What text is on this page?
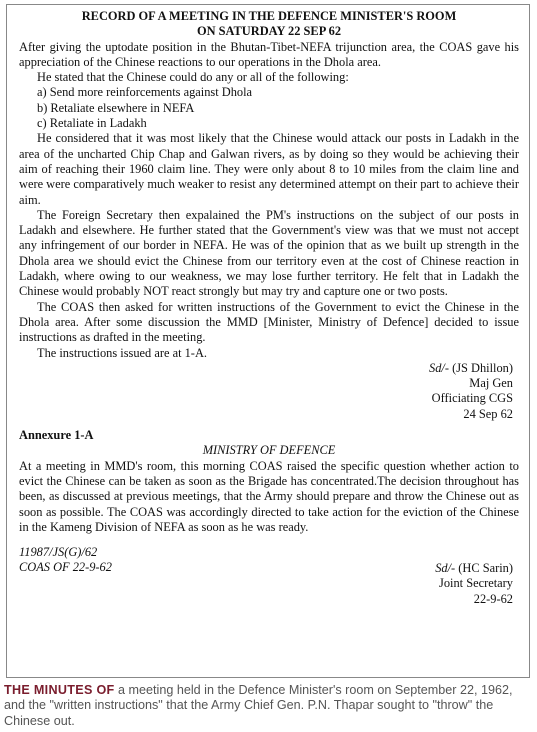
RECORD OF A MEETING IN THE DEFENCE MINISTER'S ROOM

ON SATURDAY 22 SEP 62

After giving the uptodate position in the Bhutan-Tibet-NEFA trijunction area, the COAS gave his appreciation of the Chinese reactions to our operations in the Dhola area.

He stated that the Chinese could do any or all of the following:

a) Send more reinforcements against Dhola

b) Retaliate elsewhere in NEFA

c) Retaliate in Ladakh

He considered that it was most likely that the Chinese would attack our posts in Ladakh in the area of the uncharted Chip Chap and Galwan rivers, as by doing so they would be achieving their aim of reaching their 1960 claim line. They were only about 8 to 10 miles from the claim line and were were comparatively much weaker to resist any determined attempt on their part to achieve their aim.

The Foreign Secretary then expalained the PM's instructions on the subject of our posts in Ladakh and elsewhere. He further stated that the Government's view was that we must not accept any infringement of our border in NEFA. He was of the opinion that as we built up strength in the Dhola area we should evict the Chinese from our territory even at the cost of Chinese reaction in Ladakh, where owing to our weakness, we may lose further territory. He felt that in Ladakh the Chinese would probably NOT react strongly but may try and capture one or two posts.

The COAS then asked for written instructions of the Government to evict the Chinese in the Dhola area. After some discussion the MMD [Minister, Ministry of Defence] decided to issue instructions as drafted in the meeting.

The instructions issued are at 1-A.

Sd/- (JS Dhillon)

Maj Gen

Officiating CGS

24 Sep 62

Annexure 1-A

MINISTRY OF DEFENCE

At a meeting in MMD's room, this morning COAS raised the specific question whether action to evict the Chinese can be taken as soon as the Brigade has concentrated.The decision throughout has been, as discussed at previous meetings, that the Army should prepare and throw the Chinese out as soon as possible. The COAS was accordingly directed to take action for the eviction of the Chinese in the Kameng Division of NEFA as soon as he was ready.

11987/JS(G)/62
COAS OF 22-9-62	Sd/- (HC Sarin)
Joint Secretary
22-9-62
THE MINUTES OF a meeting held in the Defence Minister's room on September 22, 1962, and the "written instructions" that the Army Chief Gen. P.N. Thapar sought to "throw" the Chinese out.
